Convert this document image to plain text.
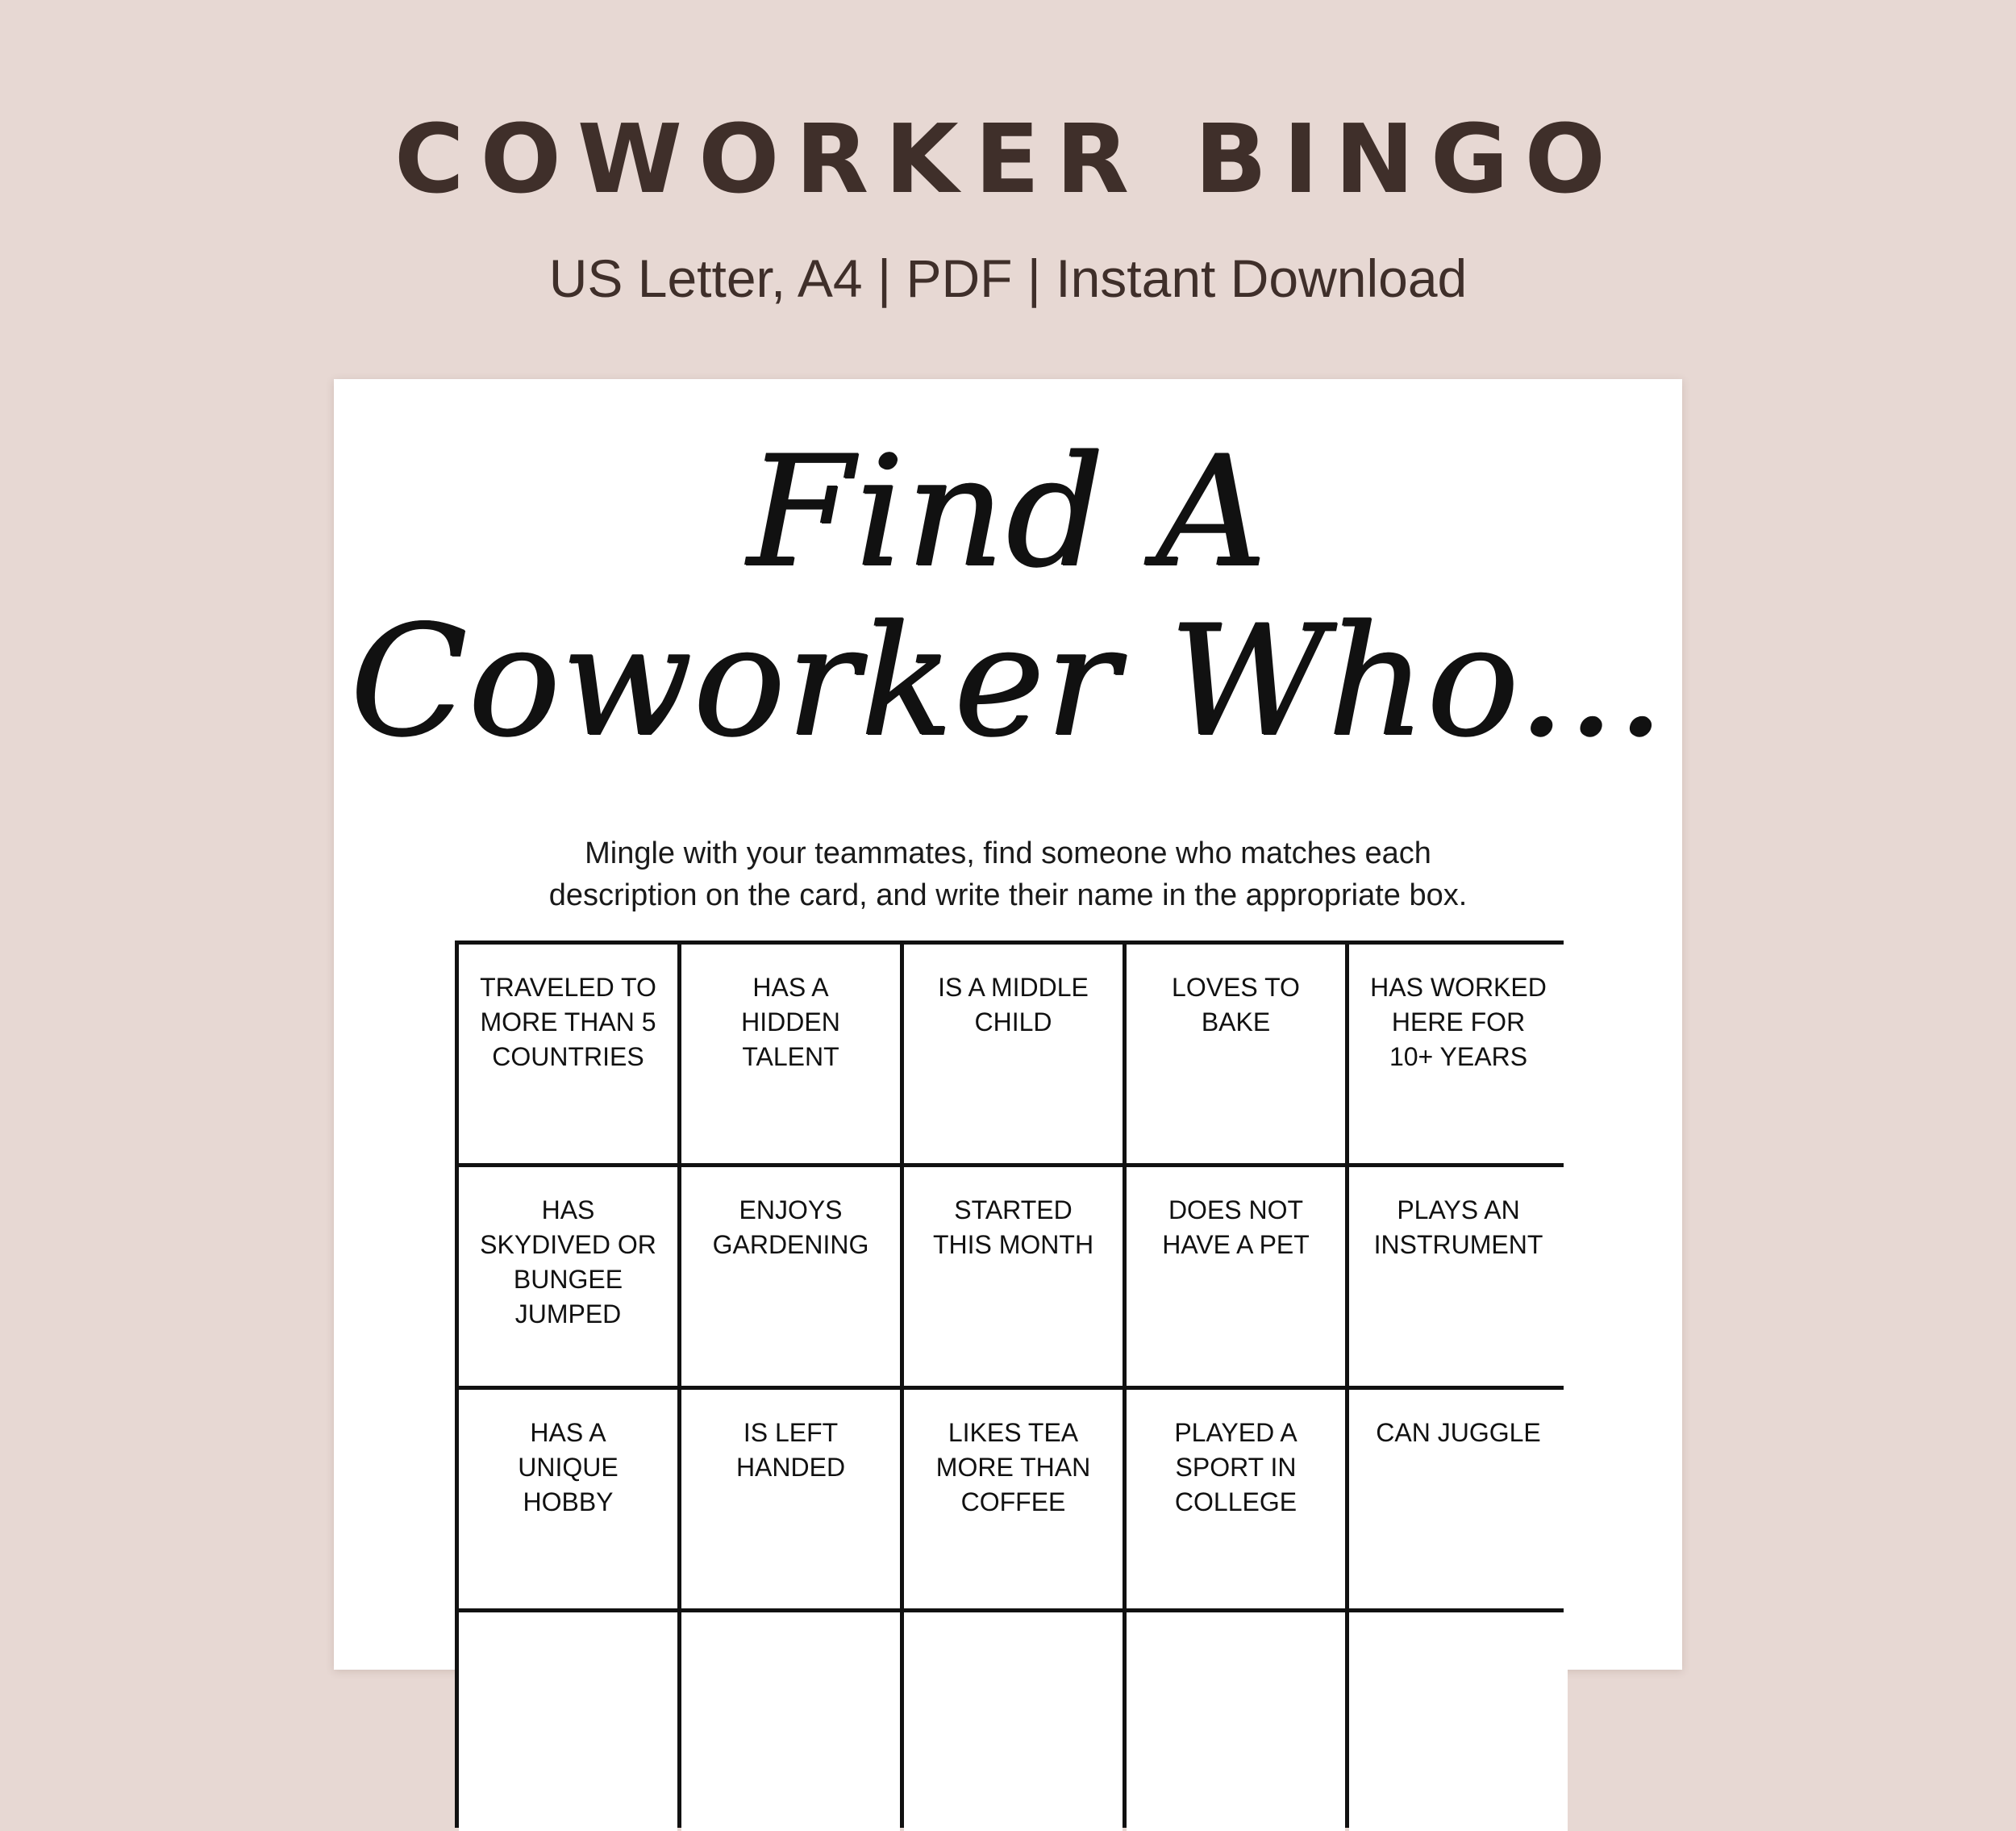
COWORKER BINGO
US Letter, A4 | PDF | Instant Download
Find A
Coworker Who...
Mingle with your teammates, find someone who matches each
description on the card, and write their name in the appropriate box.
TRAVELED TO MORE THAN 5 COUNTRIES
HAS A HIDDEN TALENT
IS A MIDDLE CHILD
LOVES TO BAKE
HAS WORKED HERE FOR 10+ YEARS
HAS SKYDIVED OR BUNGEE JUMPED
ENJOYS GARDENING
STARTED THIS MONTH
DOES NOT HAVE A PET
PLAYS AN INSTRUMENT
HAS A UNIQUE HOBBY
IS LEFT HANDED
LIKES TEA MORE THAN COFFEE
PLAYED A SPORT IN COLLEGE
CAN JUGGLE
